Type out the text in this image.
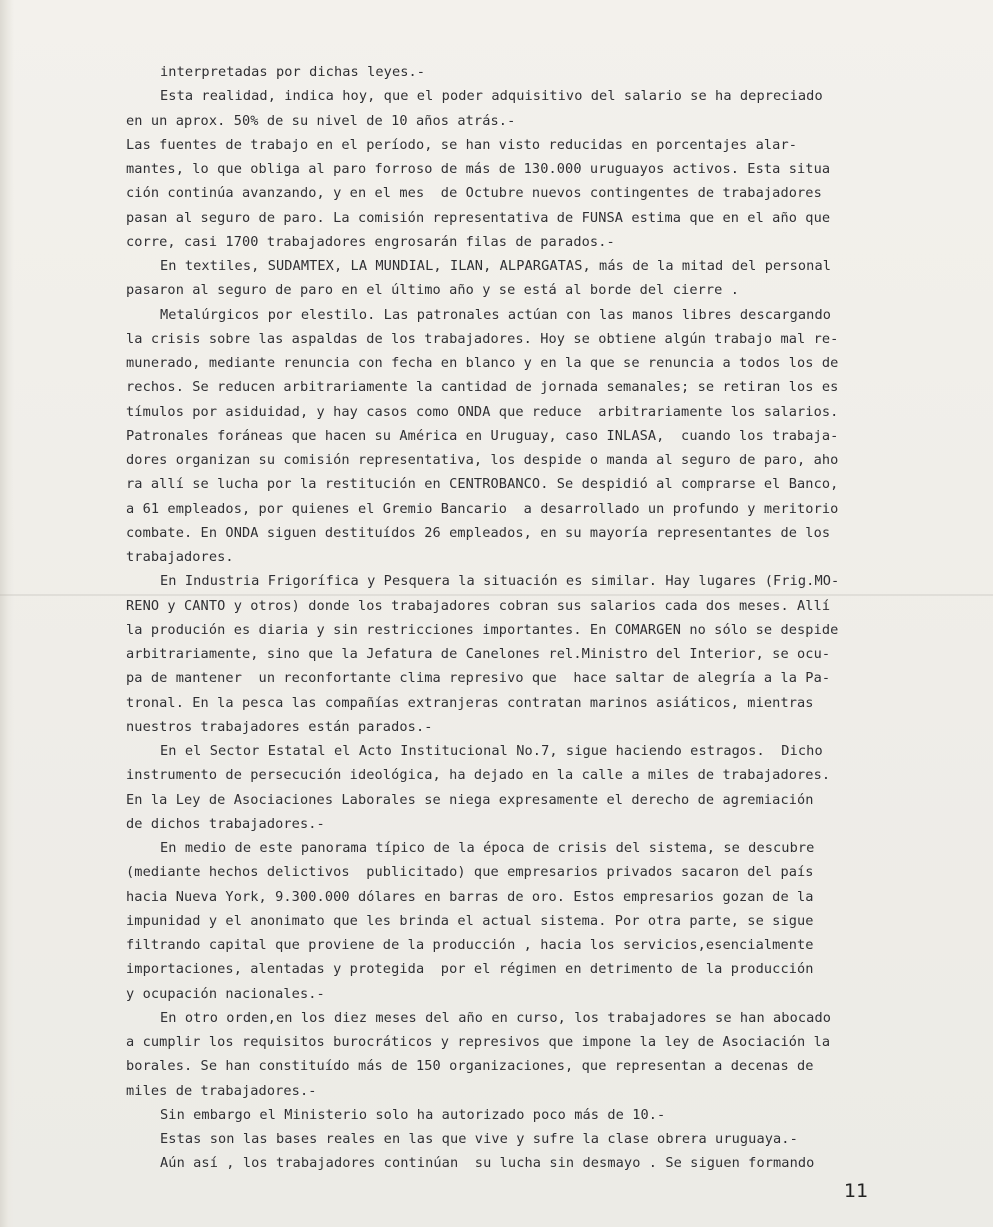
interpretadas por dichas leyes.-
Esta realidad, indica hoy, que el poder adquisitivo del salario se ha depreciado
en un aprox. 50% de su nivel de 10 años atrás.-
Las fuentes de trabajo en el período, se han visto reducidas en porcentajes alar-
mantes, lo que obliga al paro forroso de más de 130.000 uruguayos activos. Esta situa
ción continúa avanzando, y en el mes  de Octubre nuevos contingentes de trabajadores
pasan al seguro de paro. La comisión representativa de FUNSA estima que en el año que
corre, casi 1700 trabajadores engrosarán filas de parados.-
En textiles, SUDAMTEX, LA MUNDIAL, ILAN, ALPARGATAS, más de la mitad del personal
pasaron al seguro de paro en el último año y se está al borde del cierre .
Metalúrgicos por elestilo. Las patronales actúan con las manos libres descargando
la crisis sobre las aspaldas de los trabajadores. Hoy se obtiene algún trabajo mal re-
munerado, mediante renuncia con fecha en blanco y en la que se renuncia a todos los de
rechos. Se reducen arbitrariamente la cantidad de jornada semanales; se retiran los es
tímulos por asiduidad, y hay casos como ONDA que reduce  arbitrariamente los salarios.
Patronales foráneas que hacen su América en Uruguay, caso INLASA,  cuando los trabaja-
dores organizan su comisión representativa, los despide o manda al seguro de paro, aho
ra allí se lucha por la restitución en CENTROBANCO. Se despidió al comprarse el Banco,
a 61 empleados, por quienes el Gremio Bancario  a desarrollado un profundo y meritorio
combate. En ONDA siguen destituídos 26 empleados, en su mayoría representantes de los
trabajadores.
En Industria Frigorífica y Pesquera la situación es similar. Hay lugares (Frig.MO-
RENO y CANTO y otros) donde los trabajadores cobran sus salarios cada dos meses. Allí
la produción es diaria y sin restricciones importantes. En COMARGEN no sólo se despide
arbitrariamente, sino que la Jefatura de Canelones rel.Ministro del Interior, se ocu-
pa de mantener  un reconfortante clima represivo que  hace saltar de alegría a la Pa-
tronal. En la pesca las compañías extranjeras contratan marinos asiáticos, mientras
nuestros trabajadores están parados.-
En el Sector Estatal el Acto Institucional No.7, sigue haciendo estragos.  Dicho
instrumento de persecución ideológica, ha dejado en la calle a miles de trabajadores.
En la Ley de Asociaciones Laborales se niega expresamente el derecho de agremiación
de dichos trabajadores.-
En medio de este panorama típico de la época de crisis del sistema, se descubre
(mediante hechos delictivos  publicitado) que empresarios privados sacaron del país
hacia Nueva York, 9.300.000 dólares en barras de oro. Estos empresarios gozan de la
impunidad y el anonimato que les brinda el actual sistema. Por otra parte, se sigue
filtrando capital que proviene de la producción , hacia los servicios,esencialmente
importaciones, alentadas y protegida  por el régimen en detrimento de la producción
y ocupación nacionales.-
En otro orden,en los diez meses del año en curso, los trabajadores se han abocado
a cumplir los requisitos burocráticos y represivos que impone la ley de Asociación la
borales. Se han constituído más de 150 organizaciones, que representan a decenas de
miles de trabajadores.-
Sin embargo el Ministerio solo ha autorizado poco más de 10.-
Estas son las bases reales en las que vive y sufre la clase obrera uruguaya.-
Aún así , los trabajadores continúan  su lucha sin desmayo . Se siguen formando
11
